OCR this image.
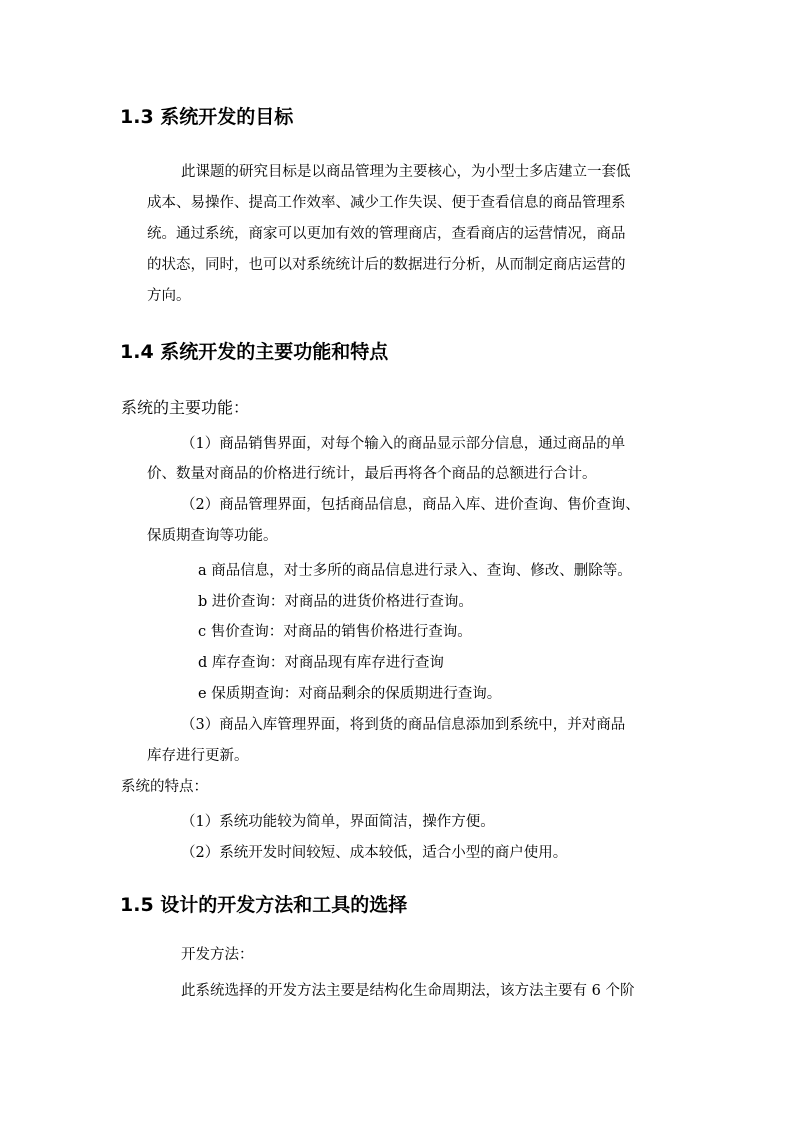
1.3 系统开发的目标

此课题的研究目标是以商品管理为主要核心，为小型士多店建立一套低

成本、易操作、提高工作效率、减少工作失误、便于查看信息的商品管理系

统。通过系统，商家可以更加有效的管理商店，查看商店的运营情况，商品

的状态，同时，也可以对系统统计后的数据进行分析，从而制定商店运营的

方向。

1.4 系统开发的主要功能和特点

系统的主要功能：

（1）商品销售界面，对每个输入的商品显示部分信息，通过商品的单

价、数量对商品的价格进行统计，最后再将各个商品的总额进行合计。

（2）商品管理界面，包括商品信息，商品入库、进价查询、售价查询、

保质期查询等功能。

a 商品信息，对士多所的商品信息进行录入、查询、修改、删除等。

b 进价查询：对商品的进货价格进行查询。

c 售价查询：对商品的销售价格进行查询。

d 库存查询：对商品现有库存进行查询

e 保质期查询：对商品剩余的保质期进行查询。

（3）商品入库管理界面，将到货的商品信息添加到系统中，并对商品

库存进行更新。

系统的特点：

（1）系统功能较为简单，界面简洁，操作方便。

（2）系统开发时间较短、成本较低，适合小型的商户使用。

1.5 设计的开发方法和工具的选择

开发方法：

此系统选择的开发方法主要是结构化生命周期法，该方法主要有 6 个阶
